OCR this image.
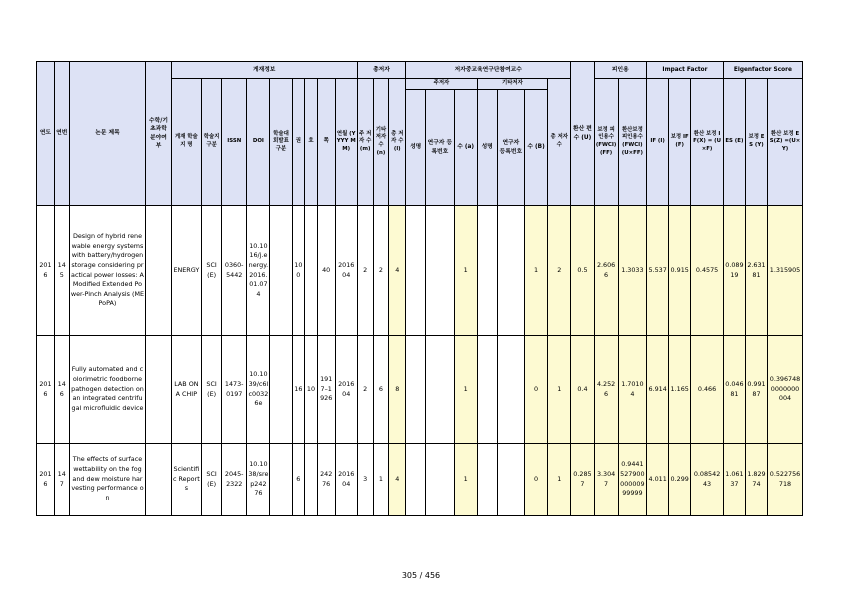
연도	연번	논문 제목	수학/기초과학분야여부	게재정보									총저자			저자중교육연구단참여교수							환산 편수 (U)	피인용		Impact Factor			Eigenfactor Score		
				게재 학술지 명	학술지 구분	ISSN	DOI	학술대회발표구분	권	호	쪽	연월 (YYYY MM)	주 저자 수 (m)	기타 저자 수 (n)	총 저자 수 (l)	주저자			기타저자			총 저자 수		보정 피인용수 (FWCI) (FF)	환산보정피인용수 (FWCI) (U×FF)	IF (I)	보정 IF (F)	환산 보정 IF(X) = (U×F)	ES (E)	보정 ES (Y)	환산 보정 ES(Z) =(U×Y)
																성명	연구자 등록번호	수 (a)	성명	연구자 등록번호	수 (B)										
2016	145	Design of hybrid renewable energy systems with battery/hydrogen storage considering practical power losses: A Modified Extended Power-Pinch Analysis (MEPoPA)		ENERGY	SCI(E)	0360-5442	10.1016/j.energy.2016.01.074		100		40	201604	2	2	4			1			1	2	0.5	2.6066	1.3033	5.537	0.915	0.4575	0.08919	2.63181	1.315905
2016	146	Fully automated and colorimetric foodborne pathogen detection on an integrated centrifugal microfluidic device		LAB ON A CHIP	SCI(E)	1473-0197	10.1039/c6lc00326e		16	10	1917–1926	201604	2	6	8			1			0	1	0.4	4.2526	1.70104	6.914	1.165	0.466	0.04681	0.99187	0.3967480000000004
2016	147	The effects of surface wettability on the fog and dew moisture harvesting performance on		Scientific Reports	SCI(E)	2045-2322	10.1038/srep24276		6		24276	201604	3	1	4			1			0	1	0.2857	3.3047	0.944152790000000999999	4.011	0.299	0.0854243	1.06137	1.82974	0.522756718
305 / 456
